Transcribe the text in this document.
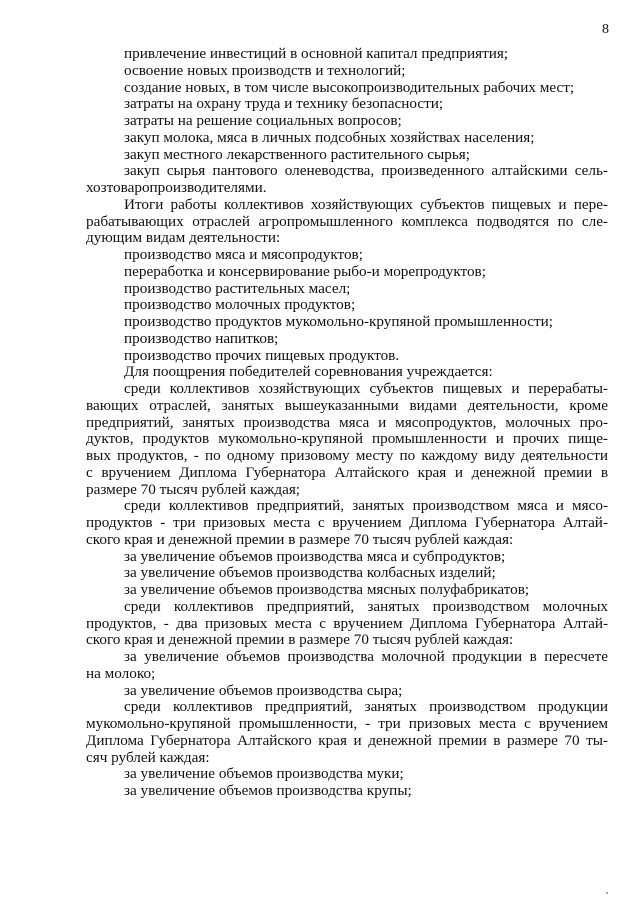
8
привлечение инвестиций в основной капитал предприятия;
освоение новых производств и технологий;
создание новых, в том числе высокопроизводительных рабочих мест;
затраты на охрану труда и технику безопасности;
затраты на решение социальных вопросов;
закуп молока, мяса в личных подсобных хозяйствах населения;
закуп местного лекарственного растительного сырья;
закуп сырья пантового оленеводства, произведенного алтайскими сель-
хозтоваропроизводителями.
Итоги работы коллективов хозяйствующих субъектов пищевых и пере-
рабатывающих отраслей агропромышленного комплекса подводятся по сле-
дующим видам деятельности:
производство мяса и мясопродуктов;
переработка и консервирование рыбо-и морепродуктов;
производство растительных масел;
производство молочных продуктов;
производство продуктов мукомольно-крупяной промышленности;
производство напитков;
производство прочих пищевых продуктов.
Для поощрения победителей соревнования учреждается:
среди коллективов хозяйствующих субъектов пищевых и перерабаты-
вающих отраслей, занятых вышеуказанными видами деятельности, кроме
предприятий, занятых производства мяса и мясопродуктов, молочных про-
дуктов, продуктов мукомольно-крупяной промышленности и прочих пище-
вых продуктов, - по одному призовому месту по каждому виду деятельности
с вручением Диплома Губернатора Алтайского края и денежной премии в
размере 70 тысяч рублей каждая;
среди коллективов предприятий, занятых производством мяса и мясо-
продуктов - три призовых места с вручением Диплома Губернатора Алтай-
ского края и денежной премии в размере 70 тысяч рублей каждая:
за увеличение объемов производства мяса и субпродуктов;
за увеличение объемов производства колбасных изделий;
за увеличение объемов производства мясных полуфабрикатов;
среди коллективов предприятий, занятых производством молочных
продуктов, - два призовых места с вручением Диплома Губернатора Алтай-
ского края и денежной премии в размере 70 тысяч рублей каждая:
за увеличение объемов производства молочной продукции в пересчете
на молоко;
за увеличение объемов производства сыра;
среди коллективов предприятий, занятых производством продукции
мукомольно-крупяной промышленности, - три призовых места с вручением
Диплома Губернатора Алтайского края и денежной премии в размере 70 ты-
сяч рублей каждая:
за увеличение объемов производства муки;
за увеличение объемов производства крупы;
